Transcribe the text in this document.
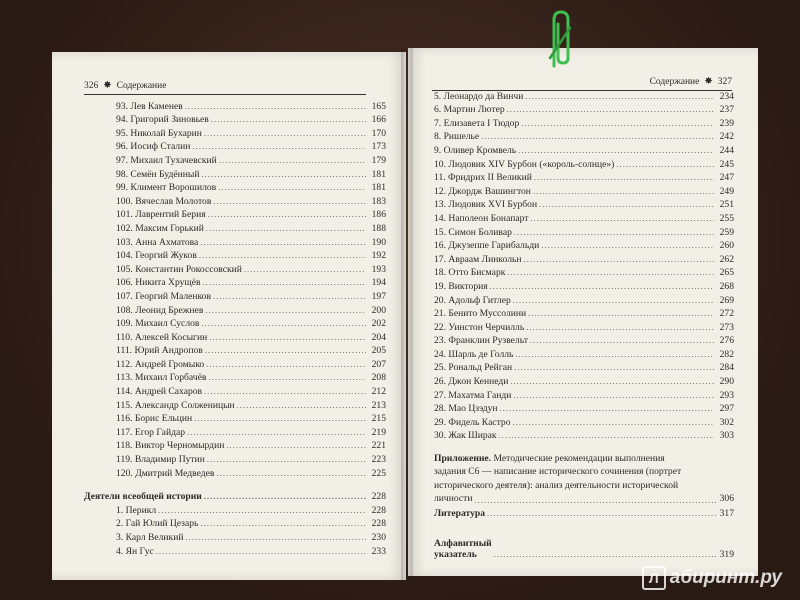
326 ✸ Содержание
93. Лев Каменев .....	165
94. Григорий Зиновьев .....	166
95. Николай Бухарин .....	170
96. Иосиф Сталин .....	173
97. Михаил Тухачевский .....	179
98. Семён Будённый .....	181
99. Климент Ворошилов .....	181
100. Вячеслав Молотов .....	183
101. Лаврентий Берия .....	186
102. Максим Горький .....	188
103. Анна Ахматова .....	190
104. Георгий Жуков .....	192
105. Константин Рокоссовский .....	193
106. Никита Хрущёв .....	194
107. Георгий Маленков .....	197
108. Леонид Брежнев .....	200
109. Михаил Суслов .....	202
110. Алексей Косыгин .....	204
111. Юрий Андропов .....	205
112. Андрей Громыко .....	207
113. Михаил Горбачёв .....	208
114. Андрей Сахаров .....	212
115. Александр Солженицын .....	213
116. Борис Ельцин .....	215
117. Егор Гайдар .....	219
118. Виктор Черномырдин .....	221
119. Владимир Путин .....	223
120. Дмитрий Медведев .....	225
Деятели всеобщей истории .....	228
1. Перикл .....	228
2. Гай Юлий Цезарь .....	228
3. Карл Великий .....	230
4. Ян Гус .....	233
Содержание ✸ 327
5. Леонардо да Винчи .....	234
6. Мартин Лютер .....	237
7. Елизавета I Тюдор .....	239
8. Ришелье .....	242
9. Оливер Кромвель .....	244
10. Людовик XIV Бурбон («король-солнце») .....	245
11. Фридрих II Великий .....	247
12. Джордж Вашингтон .....	249
13. Людовик XVI Бурбон .....	251
14. Наполеон Бонапарт .....	255
15. Симон Боливар .....	259
16. Джузеппе Гарибальди .....	260
17. Авраам Линкольн .....	262
18. Отто Бисмарк .....	265
19. Виктория .....	268
20. Адольф Гитлер .....	269
21. Бенито Муссолини .....	272
22. Уинстон Черчилль .....	273
23. Франклин Рузвельт .....	276
24. Шарль де Голль .....	282
25. Рональд Рейган .....	284
26. Джон Кеннеди .....	290
27. Махатма Ганди .....	293
28. Мао Цзэдун .....	297
29. Фидель Кастро .....	302
30. Жак Ширак .....	303
Приложение. Методические рекомендации выполнения
задания С6 — написание исторического сочинения (портрет
исторического деятеля): анализ деятельности исторической
личности .....	306
Литература .....	317
Алфавитный указатель .....	319
Л абиринт.ру
